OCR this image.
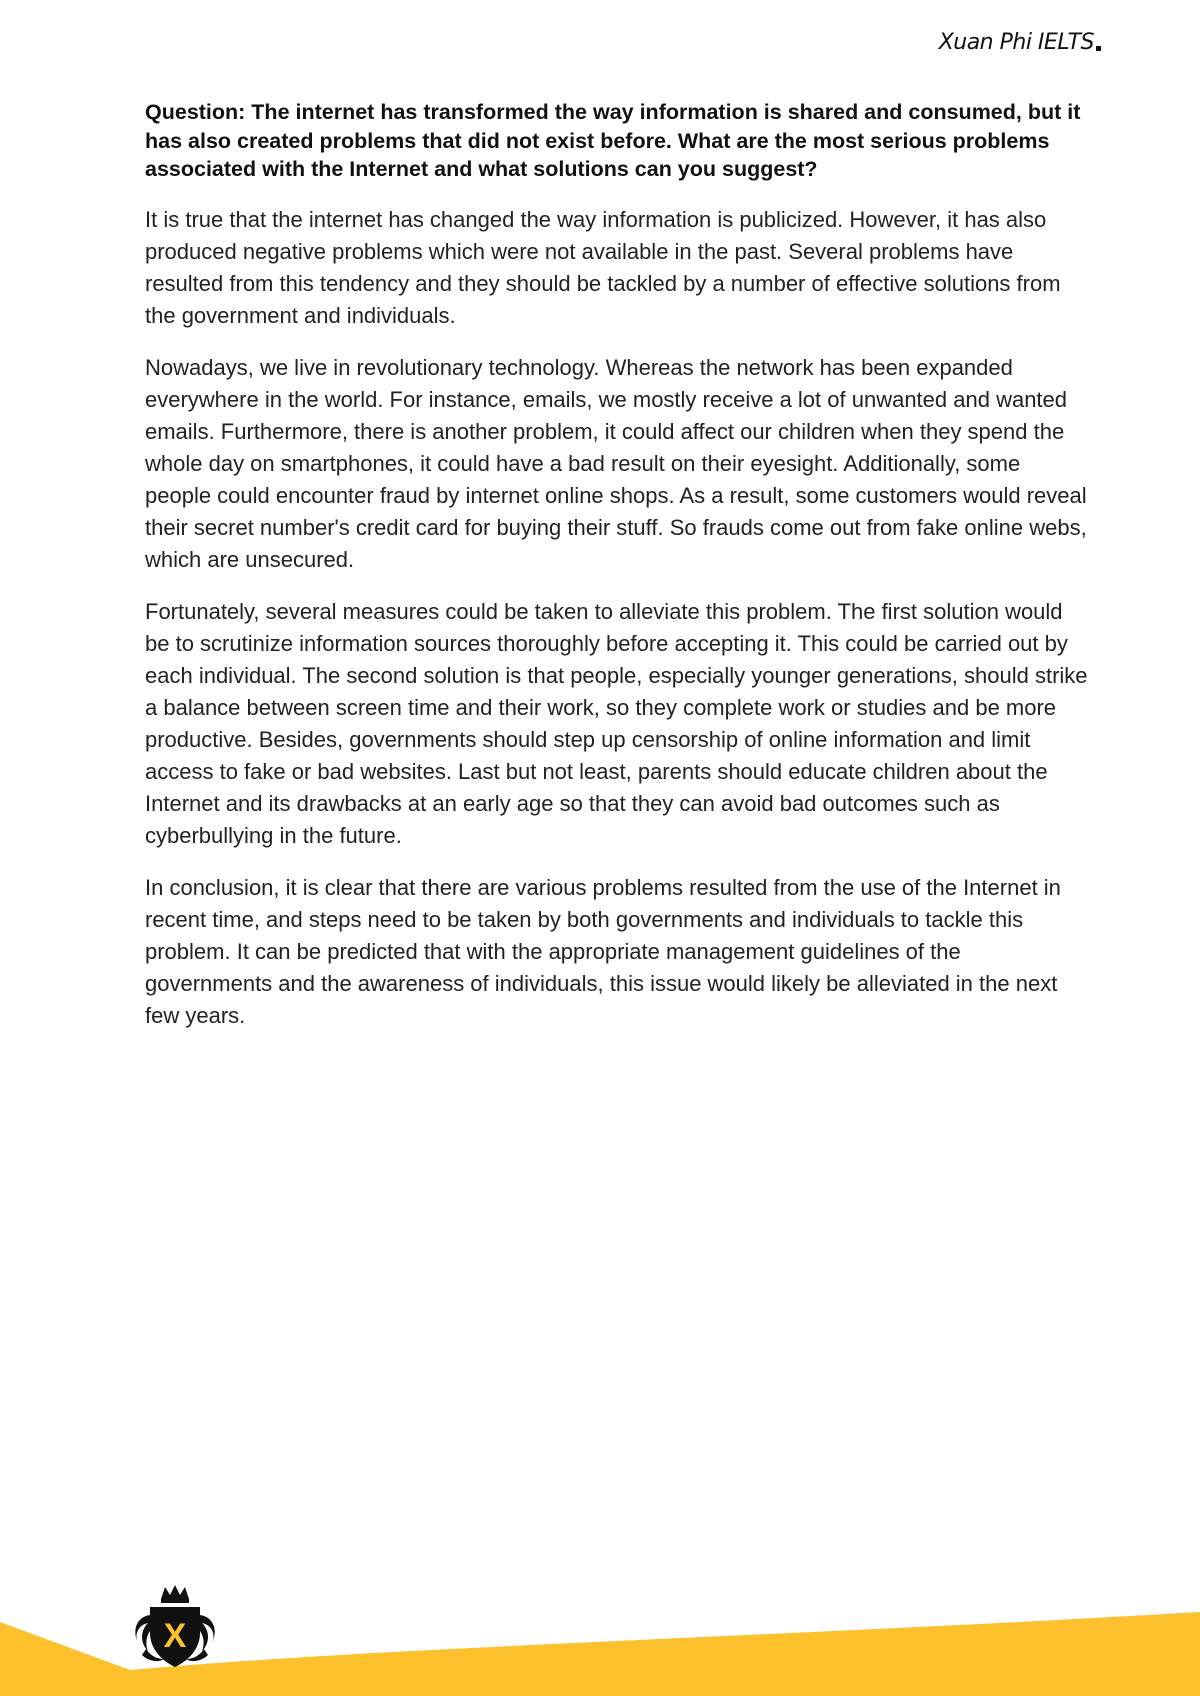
Xuan Phi IELTS

Question: The internet has transformed the way information is shared and consumed, but it has also created problems that did not exist before. What are the most serious problems associated with the Internet and what solutions can you suggest?

It is true that the internet has changed the way information is publicized. However, it has also produced negative problems which were not available in the past. Several problems have resulted from this tendency and they should be tackled by a number of effective solutions from the government and individuals.

Nowadays, we live in revolutionary technology. Whereas the network has been expanded everywhere in the world. For instance, emails, we mostly receive a lot of unwanted and wanted emails. Furthermore, there is another problem, it could affect our children when they spend the whole day on smartphones, it could have a bad result on their eyesight. Additionally, some people could encounter fraud by internet online shops. As a result, some customers would reveal their secret number's credit card for buying their stuff. So frauds come out from fake online webs, which are unsecured.

Fortunately, several measures could be taken to alleviate this problem. The first solution would be to scrutinize information sources thoroughly before accepting it. This could be carried out by each individual. The second solution is that people, especially younger generations, should strike a balance between screen time and their work, so they complete work or studies and be more productive. Besides, governments should step up censorship of online information and limit access to fake or bad websites. Last but not least, parents should educate children about the Internet and its drawbacks at an early age so that they can avoid bad outcomes such as cyberbullying in the future.

In conclusion, it is clear that there are various problems resulted from the use of the Internet in recent time, and steps need to be taken by both governments and individuals to tackle this problem. It can be predicted that with the appropriate management guidelines of the governments and the awareness of individuals, this issue would likely be alleviated in the next few years.

X
